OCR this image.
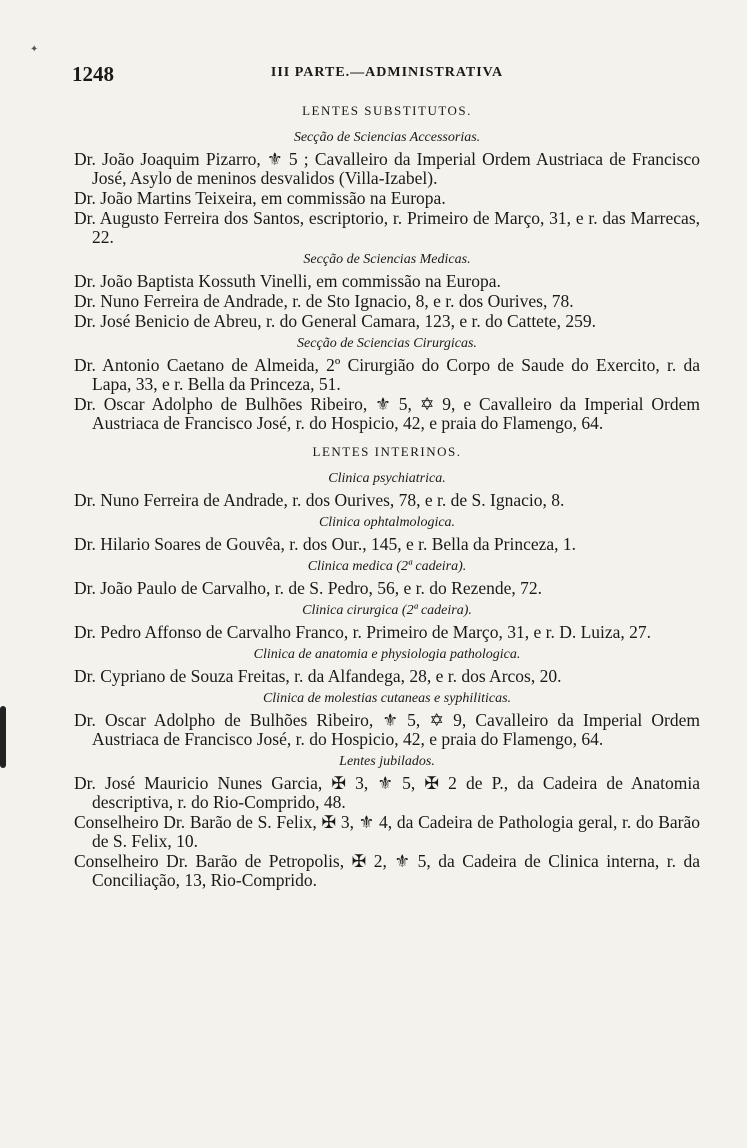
✦
1248	III PARTE.—ADMINISTRATIVA
LENTES SUBSTITUTOS.
Secção de Sciencias Accessorias.

Dr. João Joaquim Pizarro, ⚜ 5 ; Cavalleiro da Imperial Ordem Austriaca de Francisco José, Asylo de meninos desvalidos (Villa-Izabel).

Dr. João Martins Teixeira, em commissão na Europa.

Dr. Augusto Ferreira dos Santos, escriptorio, r. Primeiro de Março, 31, e r. das Marrecas, 22.

Secção de Sciencias Medicas.

Dr. João Baptista Kossuth Vinelli, em commissão na Europa.

Dr. Nuno Ferreira de Andrade, r. de Sto Ignacio, 8, e r. dos Ourives, 78.

Dr. José Benicio de Abreu, r. do General Camara, 123, e r. do Cattete, 259.

Secção de Sciencias Cirurgicas.

Dr. Antonio Caetano de Almeida, 2º Cirurgião do Corpo de Saude do Exercito, r. da Lapa, 33, e r. Bella da Princeza, 51.

Dr. Oscar Adolpho de Bulhões Ribeiro, ⚜ 5, ✡ 9, e Cavalleiro da Imperial Ordem Austriaca de Francisco José, r. do Hospicio, 42, e praia do Flamengo, 64.

LENTES INTERINOS.
Clinica psychiatrica.

Dr. Nuno Ferreira de Andrade, r. dos Ourives, 78, e r. de S. Ignacio, 8.

Clinica ophtalmologica.

Dr. Hilario Soares de Gouvêa, r. dos Our., 145, e r. Bella da Princeza, 1.

Clinica medica (2ª cadeira).

Dr. João Paulo de Carvalho, r. de S. Pedro, 56, e r. do Rezende, 72.

Clinica cirurgica (2ª cadeira).

Dr. Pedro Affonso de Carvalho Franco, r. Primeiro de Março, 31, e r. D. Luiza, 27.

Clinica de anatomia e physiologia pathologica.

Dr. Cypriano de Souza Freitas, r. da Alfandega, 28, e r. dos Arcos, 20.

Clinica de molestias cutaneas e syphiliticas.

Dr. Oscar Adolpho de Bulhões Ribeiro, ⚜ 5, ✡ 9, Cavalleiro da Imperial Ordem Austriaca de Francisco José, r. do Hospicio, 42, e praia do Flamengo, 64.

Lentes jubilados.

Dr. José Mauricio Nunes Garcia, ✠ 3, ⚜ 5, ✠ 2 de P., da Cadeira de Anatomia descriptiva, r. do Rio-Comprido, 48.

Conselheiro Dr. Barão de S. Felix, ✠ 3, ⚜ 4, da Cadeira de Pathologia geral, r. do Barão de S. Felix, 10.

Conselheiro Dr. Barão de Petropolis, ✠ 2, ⚜ 5, da Cadeira de Clinica interna, r. da Conciliação, 13, Rio-Comprido.
